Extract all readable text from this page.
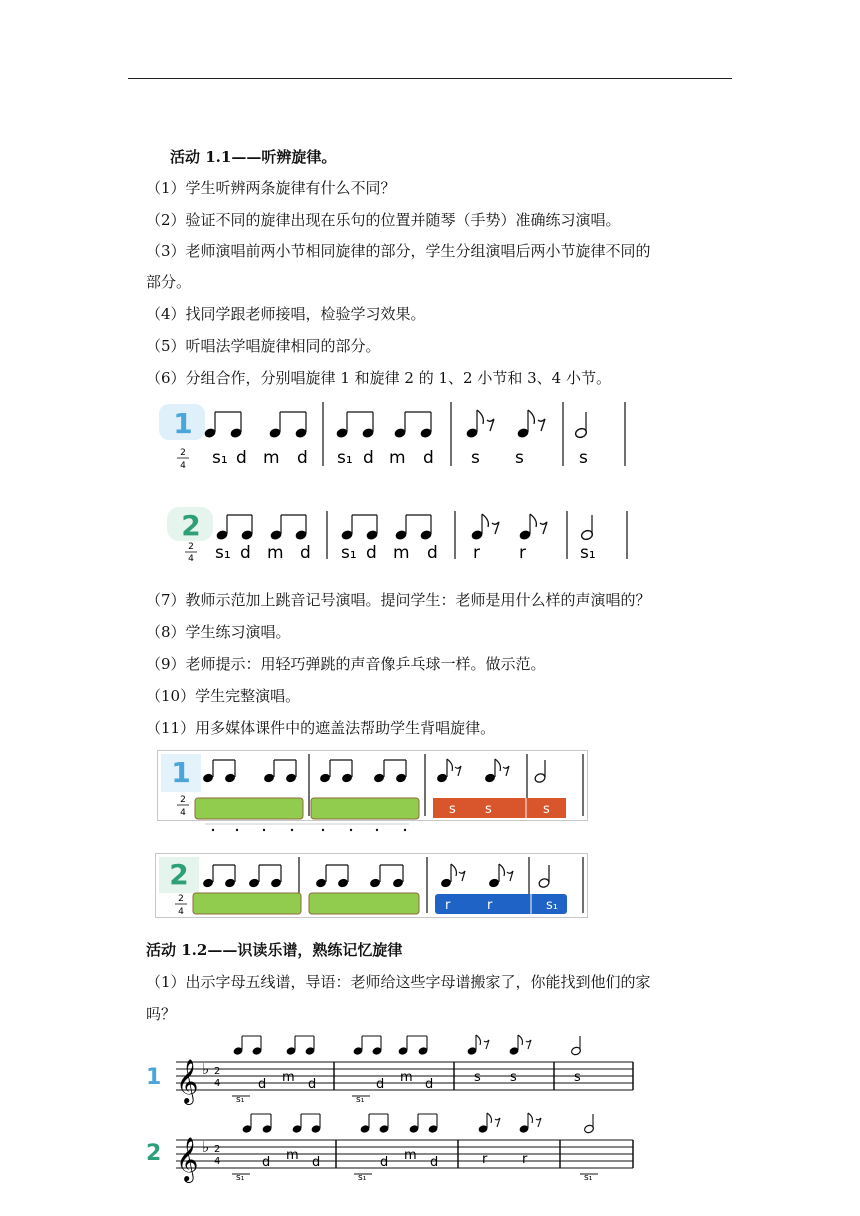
活动 1.1——听辨旋律。
（1）学生听辨两条旋律有什么不同？
（2）验证不同的旋律出现在乐句的位置并随琴（手势）准确练习演唱。
（3）老师演唱前两小节相同旋律的部分，学生分组演唱后两小节旋律不同的
部分。
（4）找同学跟老师接唱，检验学习效果。
（5）听唱法学唱旋律相同的部分。
（6）分组合作，分别唱旋律 1 和旋律 2 的 1、2 小节和 3、4 小节。
1
2
4 s₁ d m d s₁ d m d s s	s
2
2
4 s₁ d m d s₁ d m d r r	s₁
（7）教师示范加上跳音记号演唱。提问学生：老师是用什么样的声演唱的？
（8）学生练习演唱。
（9）老师提示：用轻巧弹跳的声音像乒乓球一样。做示范。
（10）学生完整演唱。
（11）用多媒体课件中的遮盖法帮助学生背唱旋律。
1
2
4	s s	s
2
2
4	r	r	s₁
活动 1.2——识读乐谱，熟练记忆旋律
（1）出示字母五线谱，导语：老师给这些字母谱搬家了，你能找到他们的家
吗？
1 𝄞 ♭ 2
4	d m d
s₁
d m d
s₁
s s	s
2 𝄞 ♭ 2
4	d m d
s₁
d m d
s₁
r	r
s₁
